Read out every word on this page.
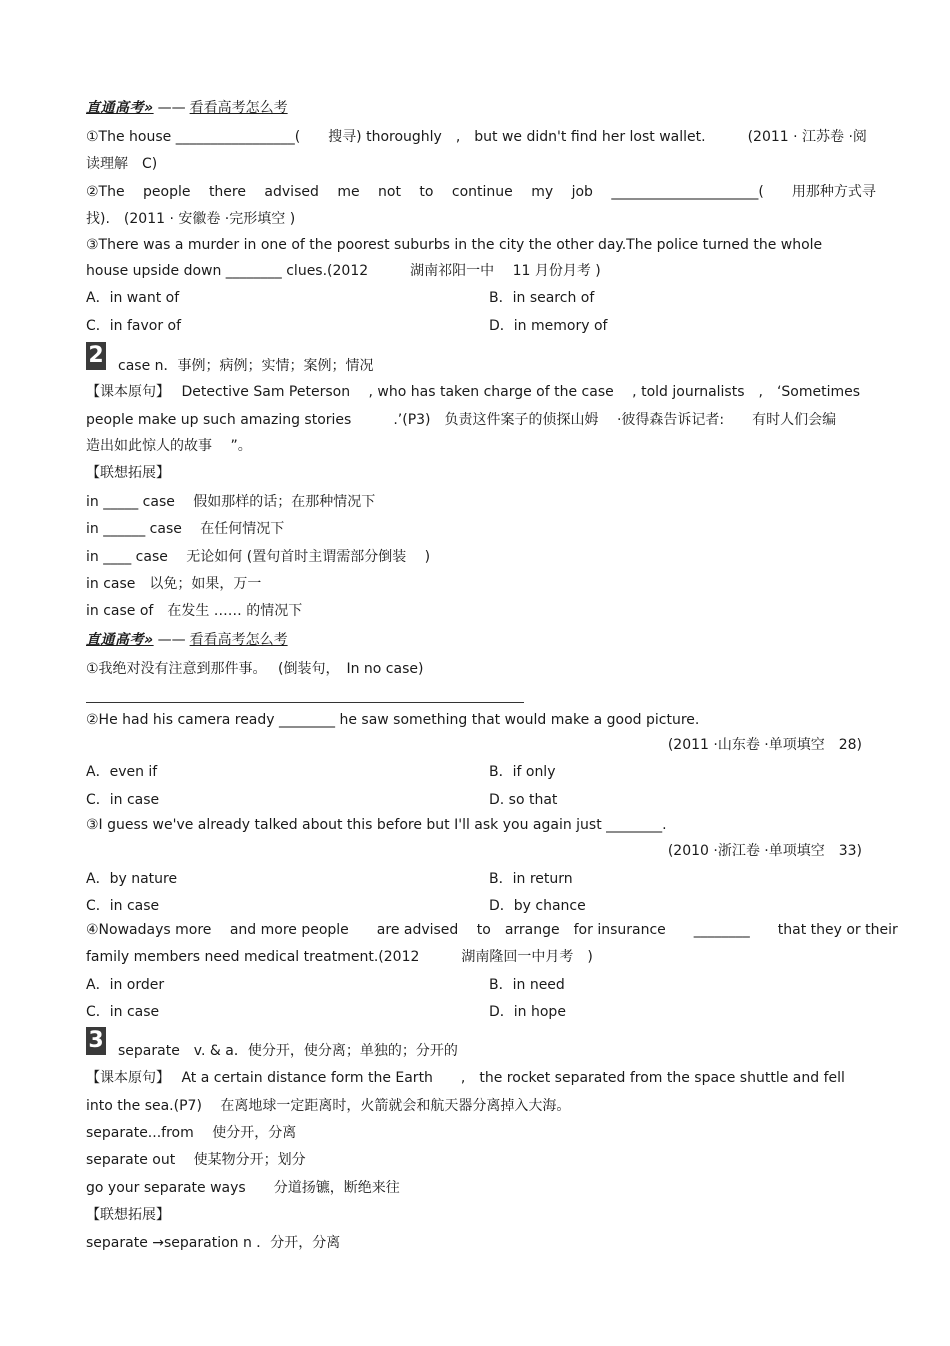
直通高考» —— 看看高考怎么考
①The house _________________(　　搜寻) thoroughly　,　but we didn't find her lost wallet.　　　(2011 · 江苏卷 ·阅
读理解　C)
②The　 people　 there　 advised　 me　 not　 to　 continue　 my　 job　 _____________________(　　用那种方式寻
找).　(2011 · 安徽卷 ·完形填空 )
③There was a murder in one of the poorest suburbs in the city the other day.The police turned the whole
house upside down ________ clues.(2012　　　湖南祁阳一中　 11 月份月考 )
A．in want of	B．in search of
C．in favor of	D．in memory of
2 case n．事例；病例；实情；案例；情况
【课本原句】　 Detective Sam Peterson　 , who has taken charge of the case　 , told journalists　,　‘Sometimes
people make up such amazing stories　　　.’(P3)　负责这件案子的侦探山姆　 ·彼得森告诉记者:　　有时人们会编
造出如此惊人的故事　 ”。
【联想拓展】
in _____ case　 假如那样的话；在那种情况下
in ______ case　 在任何情况下
in ____ case　 无论如何 (置句首时主谓需部分倒装　 )
in case　以免；如果，万一
in case of　在发生 …… 的情况下
直通高考» —— 看看高考怎么考
①我绝对没有注意到那件事。　 (倒装句，　In no case)
②He had his camera ready ________ he saw something that would make a good picture.
(2011 ·山东卷 ·单项填空　28)
A．even if	B．if only
C．in case	D. so that
③I guess we've already talked about this before but I'll ask you again just ________.
(2010 ·浙江卷 ·单项填空　33)
A．by nature	B．in return
C．in case	D．by chance
④Nowadays more　 and more people　　are advised　 to　arrange　for insurance　　________　　that they or their
family members need medical treatment.(2012　　　湖南隆回一中月考　)
A．in order	B．in need
C．in case	D．in hope
3 separate　v. & a．使分开，使分离；单独的；分开的
【课本原句】　 At a certain distance form the Earth　　,　the rocket separated from the space shuttle and fell
into the sea.(P7)　 在离地球一定距离时，火箭就会和航天器分离掉入大海。
separate...from　 使分开，分离
separate out　 使某物分开；划分
go your separate ways　　分道扬镳，断绝来往
【联想拓展】
separate →separation n ．分开，分离
